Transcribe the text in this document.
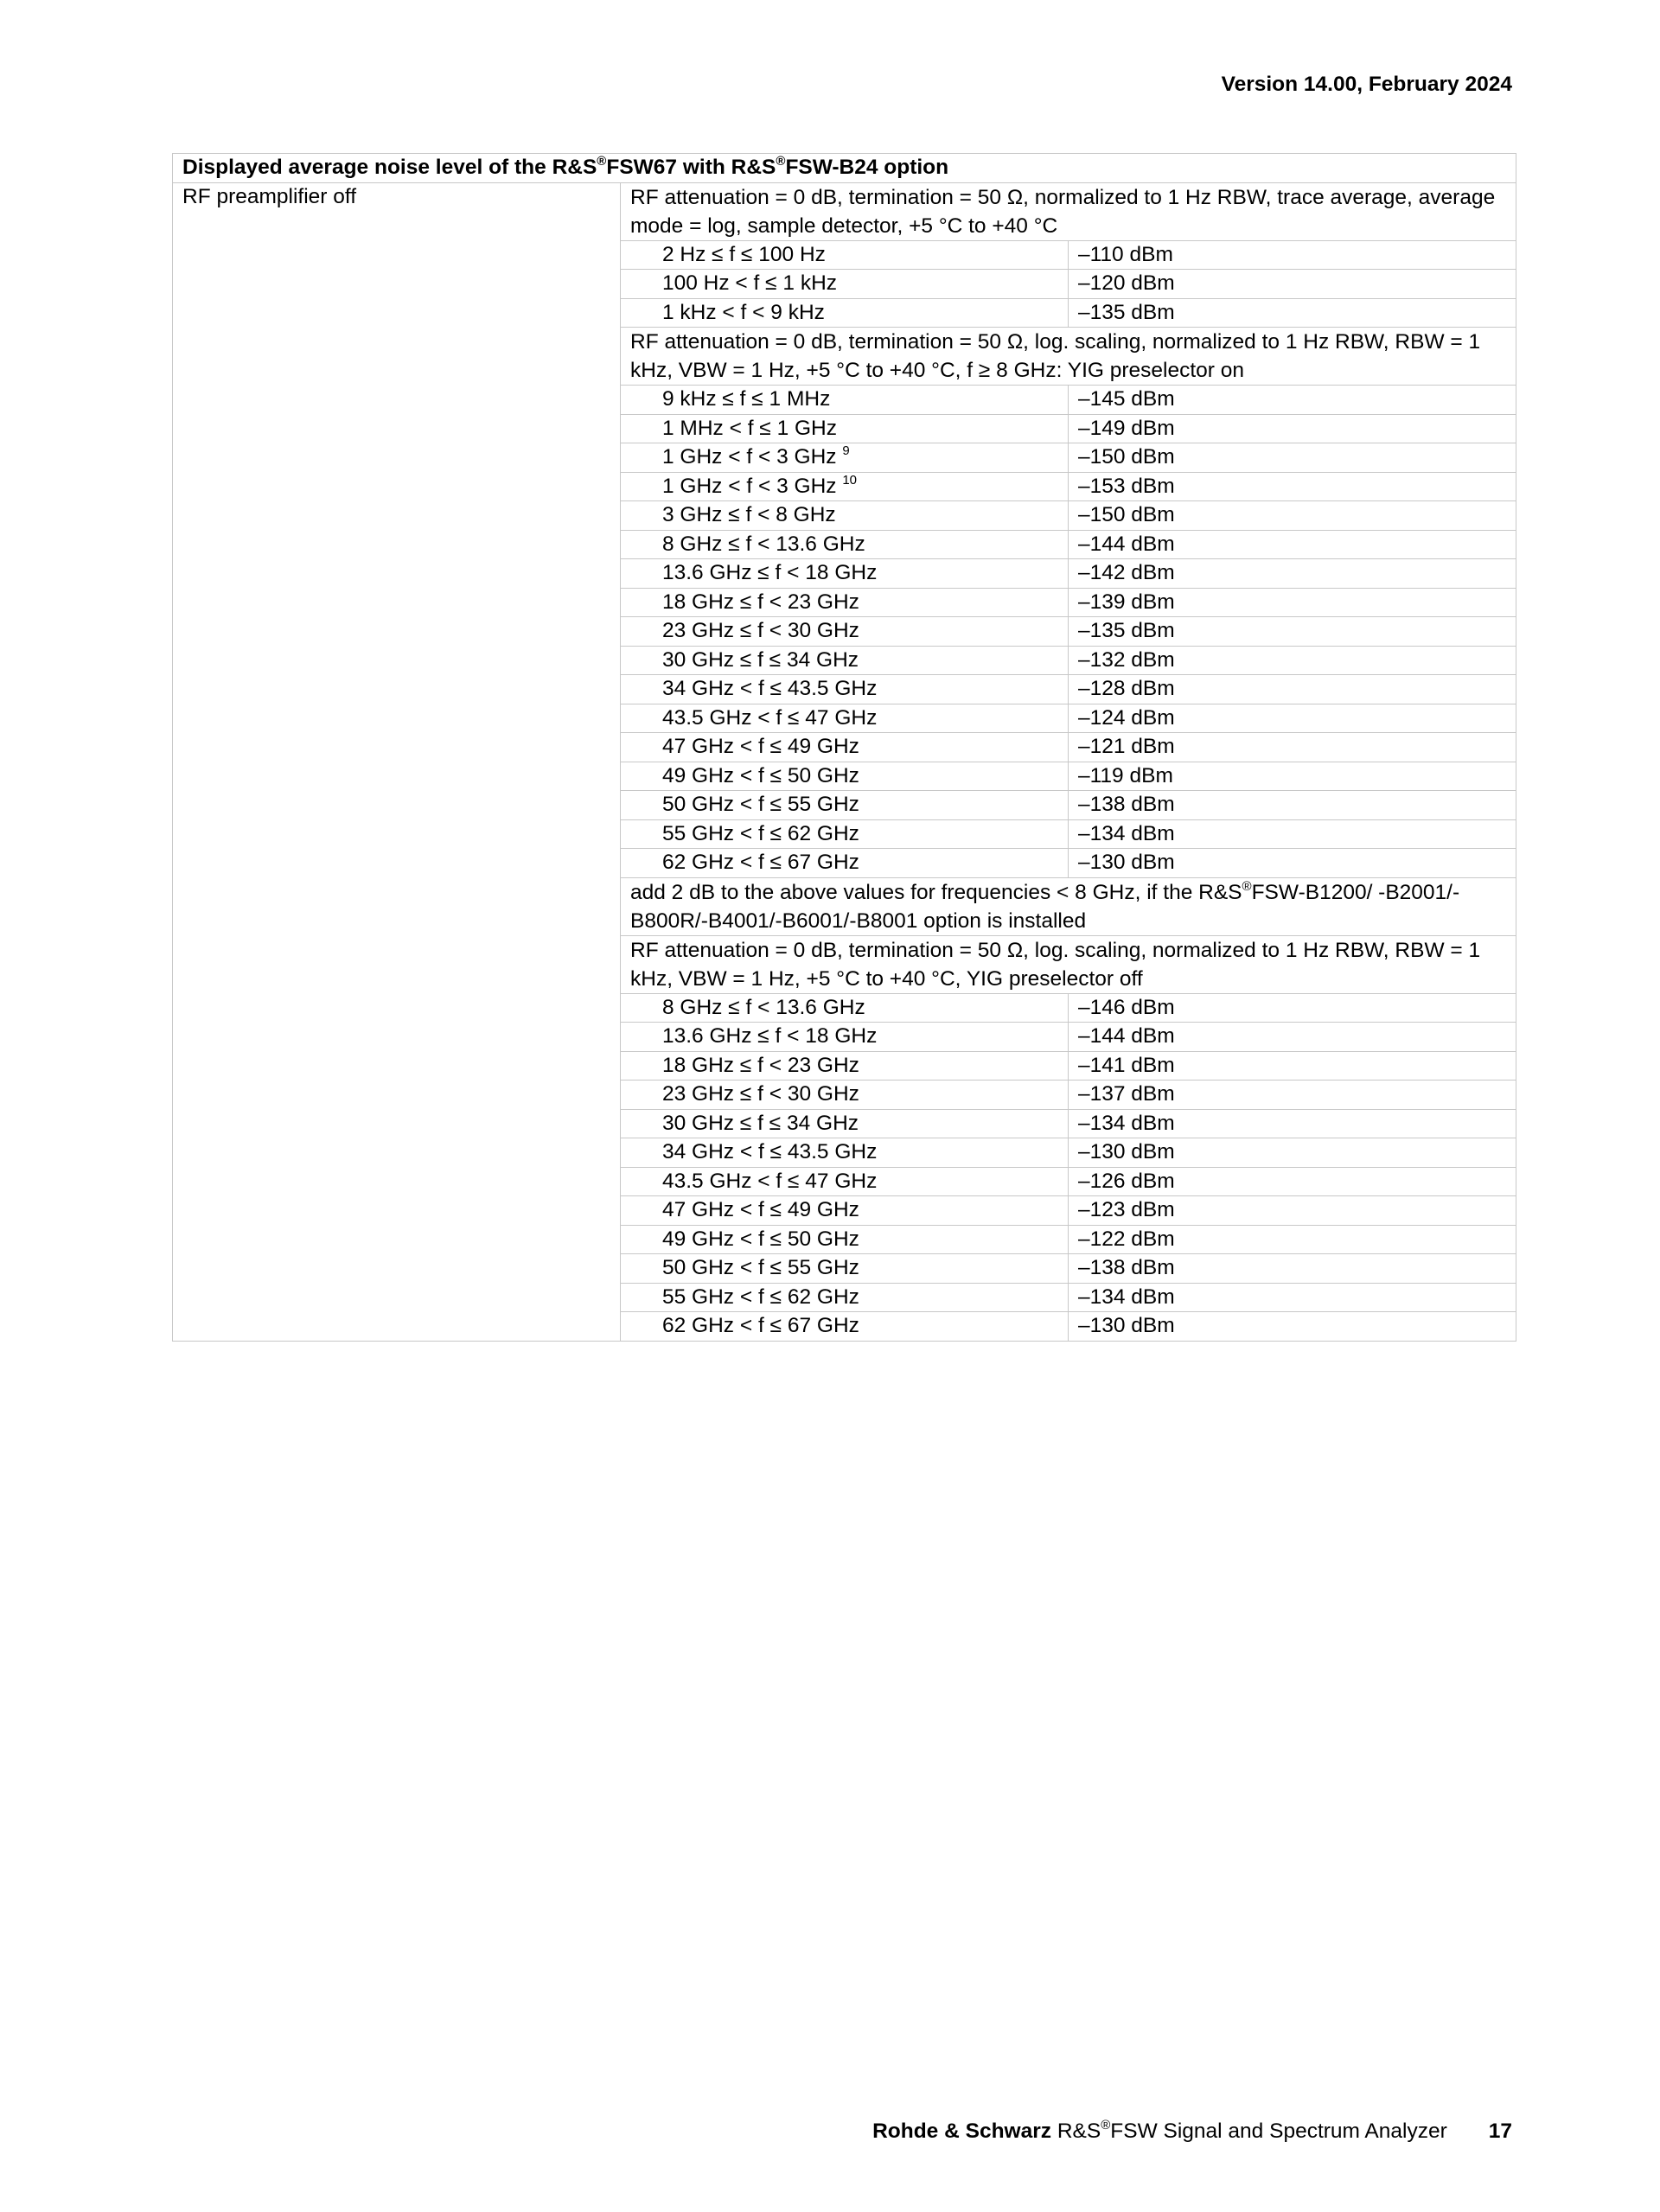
Version 14.00, February 2024
Displayed average noise level of the R&S®FSW67 with R&S®FSW-B24 option		
RF preamplifier off	RF attenuation = 0 dB, termination = 50 Ω, normalized to 1 Hz RBW, trace average, average mode = log, sample detector, +5 °C to +40 °C	
	2 Hz ≤ f ≤ 100 Hz	–110 dBm
	100 Hz < f ≤ 1 kHz	–120 dBm
	1 kHz < f < 9 kHz	–135 dBm
	RF attenuation = 0 dB, termination = 50 Ω, log. scaling, normalized to 1 Hz RBW, RBW = 1 kHz, VBW = 1 Hz, +5 °C to +40 °C, f ≥ 8 GHz: YIG preselector on	
	9 kHz ≤ f ≤ 1 MHz	–145 dBm
	1 MHz < f ≤ 1 GHz	–149 dBm
	1 GHz < f < 3 GHz $^9$	–150 dBm
	1 GHz < f < 3 GHz $^{10}$	–153 dBm
	3 GHz ≤ f < 8 GHz	–150 dBm
	8 GHz ≤ f < 13.6 GHz	–144 dBm
	13.6 GHz ≤ f < 18 GHz	–142 dBm
	18 GHz ≤ f < 23 GHz	–139 dBm
	23 GHz ≤ f < 30 GHz	–135 dBm
	30 GHz ≤ f ≤ 34 GHz	–132 dBm
	34 GHz < f ≤ 43.5 GHz	–128 dBm
	43.5 GHz < f ≤ 47 GHz	–124 dBm
	47 GHz < f ≤ 49 GHz	–121 dBm
	49 GHz < f ≤ 50 GHz	–119 dBm
	50 GHz < f ≤ 55 GHz	–138 dBm
	55 GHz < f ≤ 62 GHz	–134 dBm
	62 GHz < f ≤ 67 GHz	–130 dBm
	add 2 dB to the above values for frequencies < 8 GHz, if the R&S®FSW-B1200/ -B2001/-B800R/-B4001/-B6001/-B8001 option is installed	
	RF attenuation = 0 dB, termination = 50 Ω, log. scaling, normalized to 1 Hz RBW, RBW = 1 kHz, VBW = 1 Hz, +5 °C to +40 °C, YIG preselector off	
	8 GHz ≤ f < 13.6 GHz	–146 dBm
	13.6 GHz ≤ f < 18 GHz	–144 dBm
	18 GHz ≤ f < 23 GHz	–141 dBm
	23 GHz ≤ f < 30 GHz	–137 dBm
	30 GHz ≤ f ≤ 34 GHz	–134 dBm
	34 GHz < f ≤ 43.5 GHz	–130 dBm
	43.5 GHz < f ≤ 47 GHz	–126 dBm
	47 GHz < f ≤ 49 GHz	–123 dBm
	49 GHz < f ≤ 50 GHz	–122 dBm
	50 GHz < f ≤ 55 GHz	–138 dBm
	55 GHz < f ≤ 62 GHz	–134 dBm
	62 GHz < f ≤ 67 GHz	–130 dBm
Rohde & Schwarz R&S®FSW Signal and Spectrum Analyzer 17
